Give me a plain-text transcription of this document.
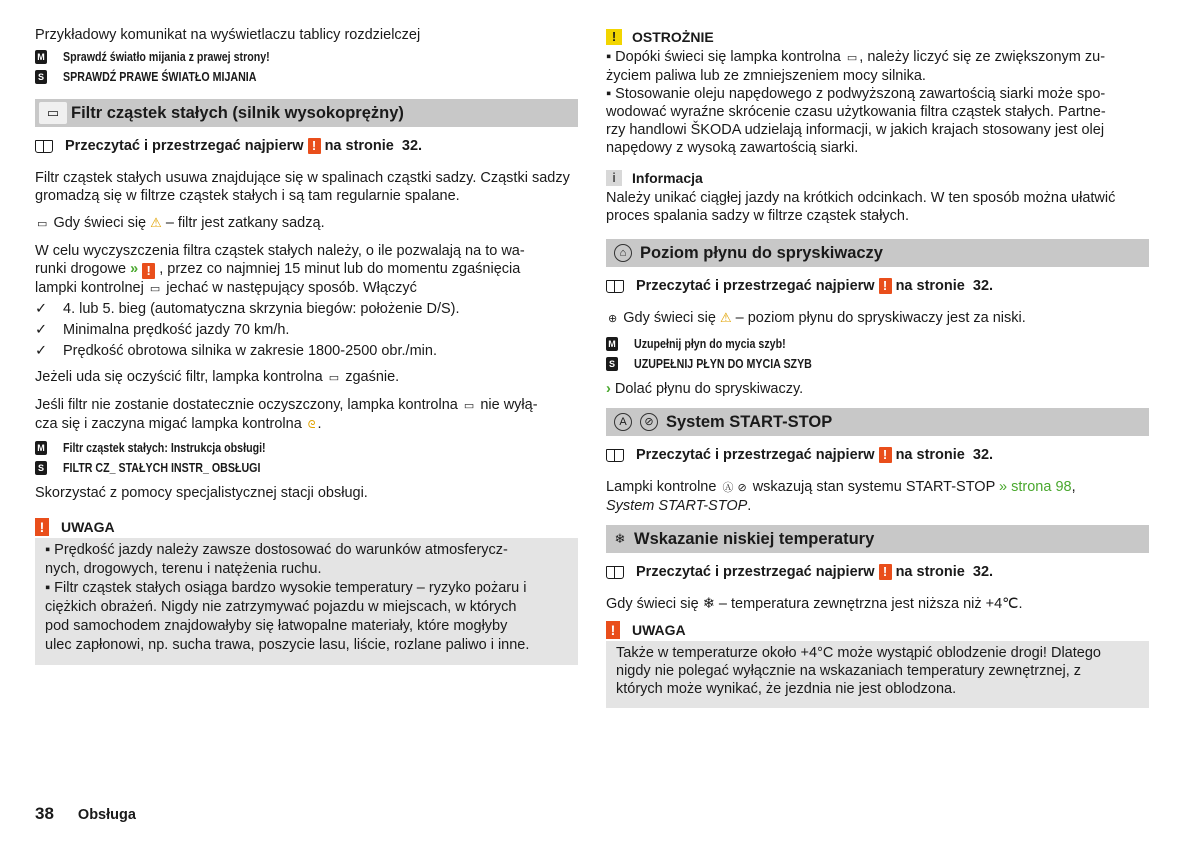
Przykładowy komunikat na wyświetlaczu tablicy rozdzielczej

M Sprawdź światło mijania z prawej strony!
S SPRAWDŹ PRAWE ŚWIATŁO MIJANIA
▭ Filtr cząstek stałych (silnik wysokoprężny)
Przeczytać i przestrzegać najpierw ! na stronie
32.

Filtr cząstek stałych usuwa znajdujące się w spalinach cząstki sadzy. Cząstki sadzy gromadzą się w filtrze cząstek stałych i są tam regularnie spalane.

▭ Gdy świeci się ⚠ – filtr jest zatkany sadzą.

W celu wyczyszczenia filtra cząstek stałych należy, o ile pozwalają na to wa-
runki drogowe » ! , przez co najmniej 15 minut lub do momentu zgaśnięcia
lampki kontrolnej ▭ jechać w następujący sposób. Włączyć

✓	4. lub 5. bieg (automatyczna skrzynia biegów: położenie D/S).
✓	Minimalna prędkość jazdy 70 km/h.
✓	Prędkość obrotowa silnika w zakresie 1800-2500 obr./min.

Jeżeli uda się oczyścić filtr, lampka kontrolna ▭ zgaśnie.

Jeśli filtr nie zostanie dostatecznie oczyszczony, lampka kontrolna ▭ nie wyłą-
cza się i zaczyna migać lampka kontrolna ᘓ .

M Filtr cząstek stałych: Instrukcja obsługi!
S FILTR CZ_ STAŁYCH INSTR_ OBSŁUGI

Skorzystać z pomocy specjalistycznej stacji obsługi.

!	UWAGA
▪ Prędkość jazdy należy zawsze dostosować do warunków atmosferycz-
nych, drogowych, terenu i natężenia ruchu.
▪ Filtr cząstek stałych osiąga bardzo wysokie temperatury – ryzyko pożaru i
ciężkich obrażeń. Nigdy nie zatrzymywać pojazdu w miejscach, w których
pod samochodem znajdowałyby się łatwopalne materiały, które mogłyby
ulec zapłonowi, np. sucha trawa, poszycie lasu, liście, rozlane paliwo i inne.
!	OSTROŻNIE
▪ Dopóki świeci się lampka kontrolna ▭ , należy liczyć się ze zwiększonym zu-
życiem paliwa lub ze zmniejszeniem mocy silnika.
▪ Stosowanie oleju napędowego z podwyższoną zawartością siarki może spo-
wodować wyraźne skrócenie czasu użytkowania filtra cząstek stałych. Partne-
rzy handlowi ŠKODA udzielają informacji, w jakich krajach stosowany jest olej
napędowy z wysoką zawartością siarki.
i	Informacja
Należy unikać ciągłej jazdy na krótkich odcinkach. W ten sposób można ułatwić
proces spalania sadzy w filtrze cząstek stałych.
⌂ Poziom płynu do spryskiwaczy
Przeczytać i przestrzegać najpierw ! na stronie
32.

⊕ Gdy świeci się ⚠ – poziom płynu do spryskiwaczy jest za niski.

M Uzupełnij płyn do mycia szyb!
S UZUPEŁNIJ PŁYN DO MYCIA SZYB

› Dolać płynu do spryskiwaczy.

A	⊘ System START-STOP
Przeczytać i przestrzegać najpierw ! na stronie
32.

Lampki kontrolne Ⓐ ⊘ wskazują stan systemu START-STOP » strona 98,
System START-STOP.

❄ Wskazanie niskiej temperatury
Przeczytać i przestrzegać najpierw ! na stronie
32.

Gdy świeci się ❄ – temperatura zewnętrzna jest niższa niż +4℃.

!	UWAGA
Także w temperaturze około +4°C może wystąpić oblodzenie drogi! Dlatego
nigdy nie polegać wyłącznie na wskazaniach temperatury zewnętrznej, z
których może wynikać, że jezdnia nie jest oblodzona.
38 Obsługa
